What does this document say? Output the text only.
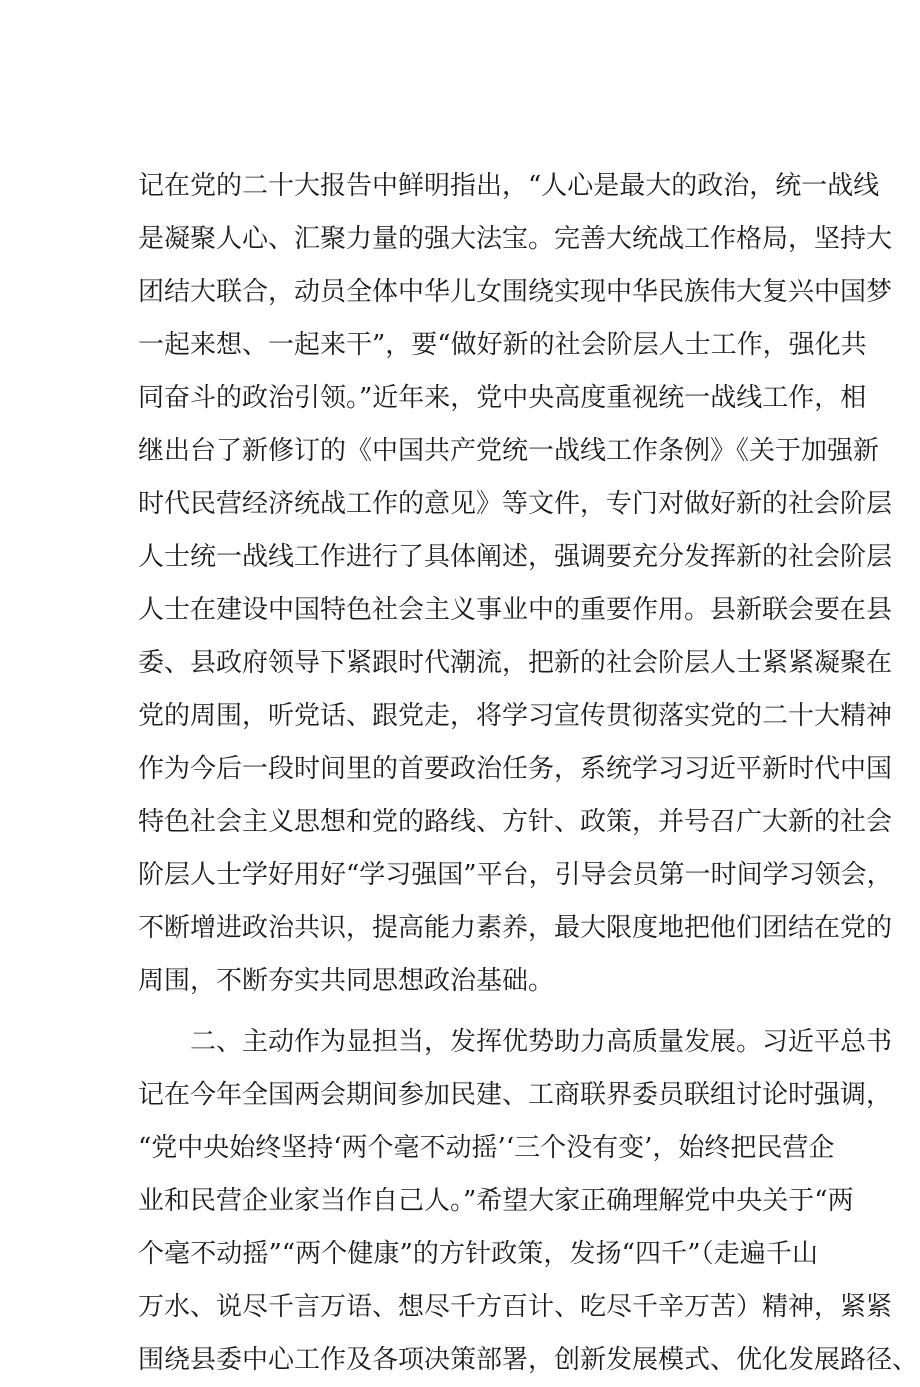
记在党的二十大报告中鲜明指出，“人心是最大的政治，统一战线
是凝聚人心、汇聚力量的强大法宝。完善大统战工作格局，坚持大
团结大联合，动员全体中华儿女围绕实现中华民族伟大复兴中国梦
一起来想、一起来干”，要“做好新的社会阶层人士工作，强化共
同奋斗的政治引领。”近年来，党中央高度重视统一战线工作，相
继出台了新修订的《中国共产党统一战线工作条例》《关于加强新
时代民营经济统战工作的意见》等文件，专门对做好新的社会阶层
人士统一战线工作进行了具体阐述，强调要充分发挥新的社会阶层
人士在建设中国特色社会主义事业中的重要作用。县新联会要在县
委、县政府领导下紧跟时代潮流，把新的社会阶层人士紧紧凝聚在
党的周围，听党话、跟党走，将学习宣传贯彻落实党的二十大精神
作为今后一段时间里的首要政治任务，系统学习习近平新时代中国
特色社会主义思想和党的路线、方针、政策，并号召广大新的社会
阶层人士学好用好“学习强国”平台，引导会员第一时间学习领会，
不断增进政治共识，提高能力素养，最大限度地把他们团结在党的
周围，不断夯实共同思想政治基础。
　　二、主动作为显担当，发挥优势助力高质量发展。习近平总书
记在今年全国两会期间参加民建、工商联界委员联组讨论时强调，
“党中央始终坚持‘两个毫不动摇’‘三个没有变’，始终把民营企
业和民营企业家当作自己人。”希望大家正确理解党中央关于“两
个毫不动摇”“两个健康”的方针政策，发扬“四千”（走遍千山
万水、说尽千言万语、想尽千方百计、吃尽千辛万苦）精神，紧紧
围绕县委中心工作及各项决策部署，创新发展模式、优化发展路径、
